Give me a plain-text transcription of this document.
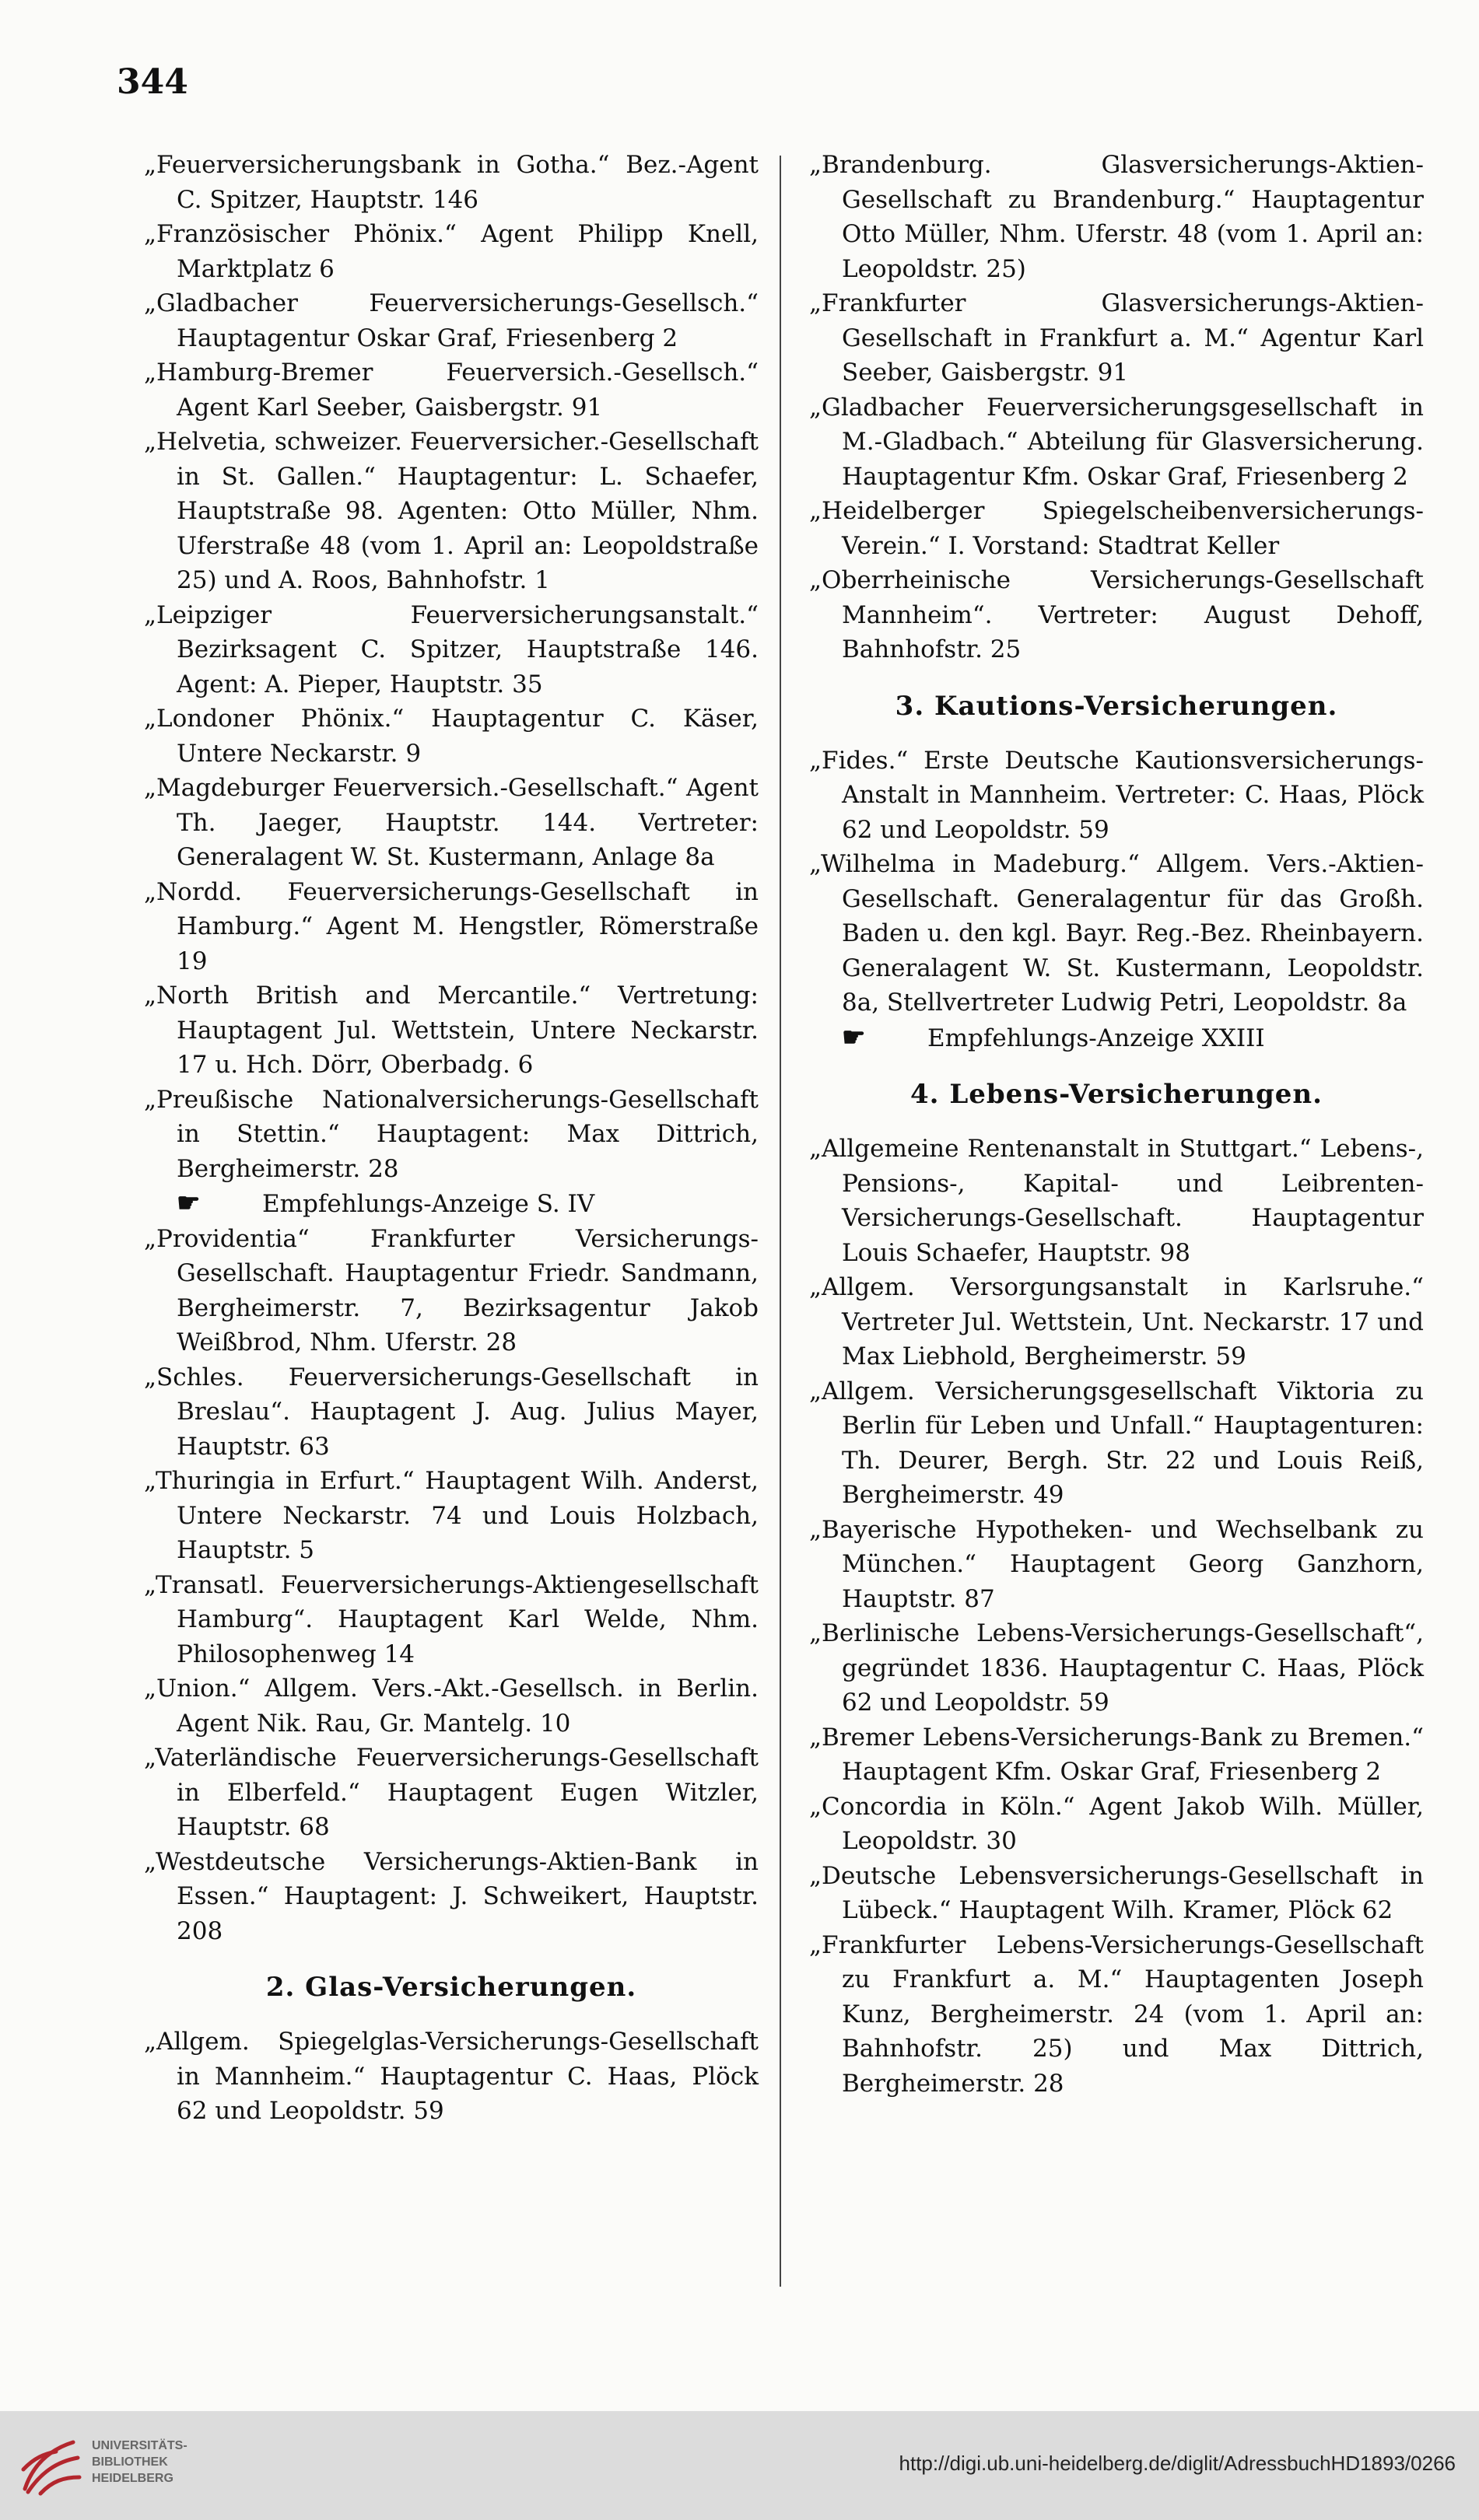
344

„Feuerversicherungsbank in Gotha.“ Bez.-Agent C. Spitzer, Hauptstr. 146

„Französischer Phönix.“ Agent Philipp Knell, Marktplatz 6

„Gladbacher Feuerversicherungs-Gesellsch.“ Hauptagentur Oskar Graf, Friesenberg 2

„Hamburg-Bremer Feuerversich.-Gesellsch.“ Agent Karl Seeber, Gaisbergstr. 91

„Helvetia, schweizer. Feuerversicher.-Gesellschaft in St. Gallen.“ Hauptagentur: L. Schaefer, Hauptstraße 98. Agenten: Otto Müller, Nhm. Uferstraße 48 (vom 1. April an: Leopoldstraße 25) und A. Roos, Bahnhofstr. 1

„Leipziger Feuerversicherungsanstalt.“ Bezirksagent C. Spitzer, Hauptstraße 146. Agent: A. Pieper, Hauptstr. 35

„Londoner Phönix.“ Hauptagentur C. Käser, Untere Neckarstr. 9

„Magdeburger Feuerversich.-Gesellschaft.“ Agent Th. Jaeger, Hauptstr. 144. Vertreter: Generalagent W. St. Kustermann, Anlage 8a

„Nordd. Feuerversicherungs-Gesellschaft in Hamburg.“ Agent M. Hengstler, Römerstraße 19

„North British and Mercantile.“ Vertretung: Hauptagent Jul. Wettstein, Untere Neckarstr. 17 u. Hch. Dörr, Oberbadg. 6

„Preußische Nationalversicherungs-Gesellschaft in Stettin.“ Hauptagent: Max Dittrich, Bergheimerstr. 28

☛	Empfehlungs-Anzeige S. IV

„Providentia“ Frankfurter Versicherungs-Gesellschaft. Hauptagentur Friedr. Sandmann, Bergheimerstr. 7, Bezirksagentur Jakob Weißbrod, Nhm. Uferstr. 28

„Schles. Feuerversicherungs-Gesellschaft in Breslau“. Hauptagent J. Aug. Julius Mayer, Hauptstr. 63

„Thuringia in Erfurt.“ Hauptagent Wilh. Anderst, Untere Neckarstr. 74 und Louis Holzbach, Hauptstr. 5

„Transatl. Feuerversicherungs-Aktiengesellschaft Hamburg“. Hauptagent Karl Welde, Nhm. Philosophenweg 14

„Union.“ Allgem. Vers.-Akt.-Gesellsch. in Berlin. Agent Nik. Rau, Gr. Mantelg. 10

„Vaterländische Feuerversicherungs-Gesellschaft in Elberfeld.“ Hauptagent Eugen Witzler, Hauptstr. 68

„Westdeutsche Versicherungs-Aktien-Bank in Essen.“ Hauptagent: J. Schweikert, Hauptstr. 208

2. Glas-Versicherungen.

„Allgem. Spiegelglas-Versicherungs-Gesellschaft in Mannheim.“ Hauptagentur C. Haas, Plöck 62 und Leopoldstr. 59

„Brandenburg. Glasversicherungs-Aktien-Gesellschaft zu Brandenburg.“ Hauptagentur Otto Müller, Nhm. Uferstr. 48 (vom 1. April an: Leopoldstr. 25)

„Frankfurter Glasversicherungs-Aktien-Gesellschaft in Frankfurt a. M.“ Agentur Karl Seeber, Gaisbergstr. 91

„Gladbacher Feuerversicherungsgesellschaft in M.-Gladbach.“ Abteilung für Glasversicherung. Hauptagentur Kfm. Oskar Graf, Friesenberg 2

„Heidelberger Spiegelscheibenversicherungs-Verein.“ I. Vorstand: Stadtrat Keller

„Oberrheinische Versicherungs-Gesellschaft Mannheim“. Vertreter: August Dehoff, Bahnhofstr. 25

3. Kautions-Versicherungen.

„Fides.“ Erste Deutsche Kautionsversicherungs-Anstalt in Mannheim. Vertreter: C. Haas, Plöck 62 und Leopoldstr. 59

„Wilhelma in Madeburg.“ Allgem. Vers.-Aktien-Gesellschaft. Generalagentur für das Großh. Baden u. den kgl. Bayr. Reg.-Bez. Rheinbayern. Generalagent W. St. Kustermann, Leopoldstr. 8a, Stellvertreter Ludwig Petri, Leopoldstr. 8a

☛	Empfehlungs-Anzeige XXIII

4. Lebens-Versicherungen.

„Allgemeine Rentenanstalt in Stuttgart.“ Lebens-, Pensions-, Kapital- und Leibrenten-Versicherungs-Gesellschaft. Hauptagentur Louis Schaefer, Hauptstr. 98

„Allgem. Versorgungsanstalt in Karlsruhe.“ Vertreter Jul. Wettstein, Unt. Neckarstr. 17 und Max Liebhold, Bergheimerstr. 59

„Allgem. Versicherungsgesellschaft Viktoria zu Berlin für Leben und Unfall.“ Hauptagenturen: Th. Deurer, Bergh. Str. 22 und Louis Reiß, Bergheimerstr. 49

„Bayerische Hypotheken- und Wechselbank zu München.“ Hauptagent Georg Ganzhorn, Hauptstr. 87

„Berlinische Lebens-Versicherungs-Gesellschaft“, gegründet 1836. Hauptagentur C. Haas, Plöck 62 und Leopoldstr. 59

„Bremer Lebens-Versicherungs-Bank zu Bremen.“ Hauptagent Kfm. Oskar Graf, Friesenberg 2

„Concordia in Köln.“ Agent Jakob Wilh. Müller, Leopoldstr. 30

„Deutsche Lebensversicherungs-Gesellschaft in Lübeck.“ Hauptagent Wilh. Kramer, Plöck 62

„Frankfurter Lebens-Versicherungs-Gesellschaft zu Frankfurt a. M.“ Hauptagenten Joseph Kunz, Bergheimerstr. 24 (vom 1. April an: Bahnhofstr. 25) und Max Dittrich, Bergheimerstr. 28

UNIVERSITÄTS-
BIBLIOTHEK
HEIDELBERG
http://digi.ub.uni-heidelberg.de/diglit/AdressbuchHD1893/0266
